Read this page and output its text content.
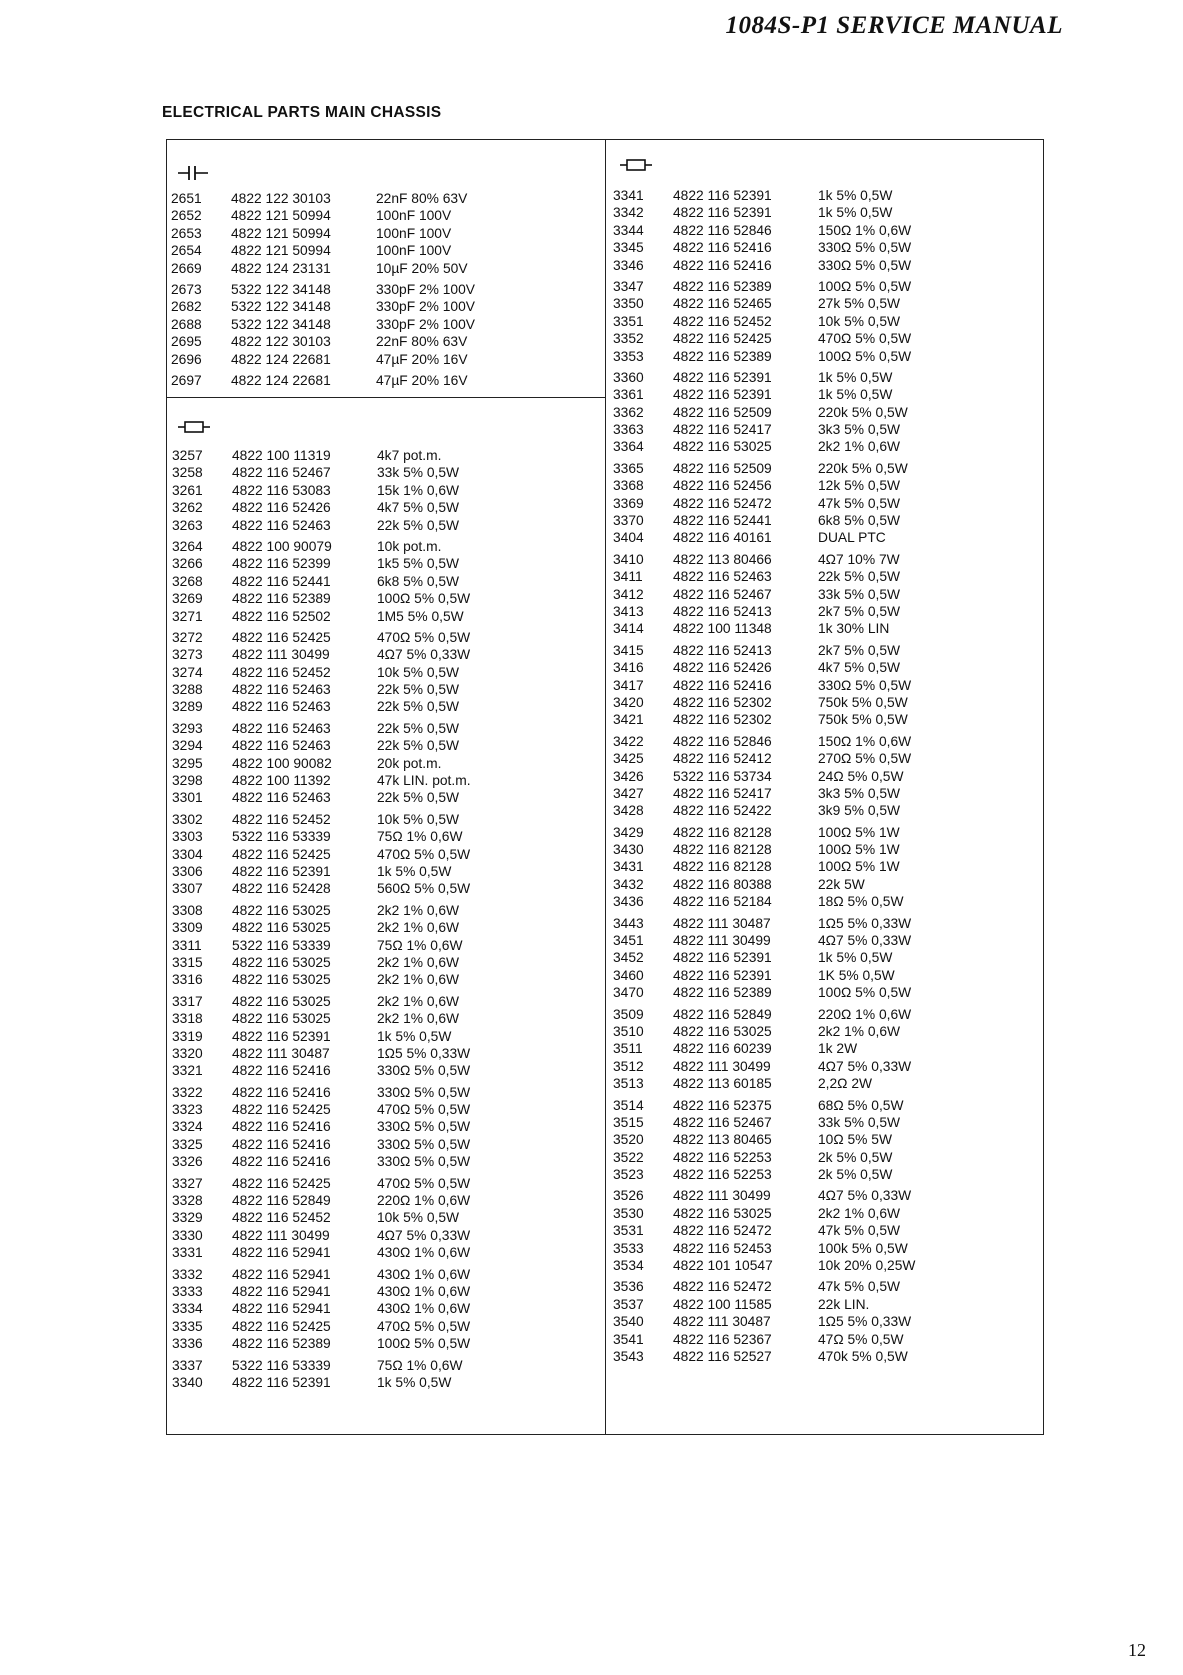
1084S-P1 SERVICE MANUAL
ELECTRICAL PARTS MAIN CHASSIS
2651	4822 122 30103	22nF 80% 63V
2652	4822 121 50994	100nF 100V
2653	4822 121 50994	100nF 100V
2654	4822 121 50994	100nF 100V
2669	4822 124 23131	10µF 20% 50V
2673	5322 122 34148	330pF 2% 100V
2682	5322 122 34148	330pF 2% 100V
2688	5322 122 34148	330pF 2% 100V
2695	4822 122 30103	22nF 80% 63V
2696	4822 124 22681	47µF 20% 16V
2697	4822 124 22681	47µF 20% 16V
3257	4822 100 11319	4k7 pot.m.
3258	4822 116 52467	33k 5% 0,5W
3261	4822 116 53083	15k 1% 0,6W
3262	4822 116 52426	4k7 5% 0,5W
3263	4822 116 52463	22k 5% 0,5W
3264	4822 100 90079	10k pot.m.
3266	4822 116 52399	1k5 5% 0,5W
3268	4822 116 52441	6k8 5% 0,5W
3269	4822 116 52389	100Ω 5% 0,5W
3271	4822 116 52502	1M5 5% 0,5W
3272	4822 116 52425	470Ω 5% 0,5W
3273	4822 111 30499	4Ω7 5% 0,33W
3274	4822 116 52452	10k 5% 0,5W
3288	4822 116 52463	22k 5% 0,5W
3289	4822 116 52463	22k 5% 0,5W
3293	4822 116 52463	22k 5% 0,5W
3294	4822 116 52463	22k 5% 0,5W
3295	4822 100 90082	20k pot.m.
3298	4822 100 11392	47k LIN. pot.m.
3301	4822 116 52463	22k 5% 0,5W
3302	4822 116 52452	10k 5% 0,5W
3303	5322 116 53339	75Ω 1% 0,6W
3304	4822 116 52425	470Ω 5% 0,5W
3306	4822 116 52391	1k 5% 0,5W
3307	4822 116 52428	560Ω 5% 0,5W
3308	4822 116 53025	2k2 1% 0,6W
3309	4822 116 53025	2k2 1% 0,6W
3311	5322 116 53339	75Ω 1% 0,6W
3315	4822 116 53025	2k2 1% 0,6W
3316	4822 116 53025	2k2 1% 0,6W
3317	4822 116 53025	2k2 1% 0,6W
3318	4822 116 53025	2k2 1% 0,6W
3319	4822 116 52391	1k 5% 0,5W
3320	4822 111 30487	1Ω5 5% 0,33W
3321	4822 116 52416	330Ω 5% 0,5W
3322	4822 116 52416	330Ω 5% 0,5W
3323	4822 116 52425	470Ω 5% 0,5W
3324	4822 116 52416	330Ω 5% 0,5W
3325	4822 116 52416	330Ω 5% 0,5W
3326	4822 116 52416	330Ω 5% 0,5W
3327	4822 116 52425	470Ω 5% 0,5W
3328	4822 116 52849	220Ω 1% 0,6W
3329	4822 116 52452	10k 5% 0,5W
3330	4822 111 30499	4Ω7 5% 0,33W
3331	4822 116 52941	430Ω 1% 0,6W
3332	4822 116 52941	430Ω 1% 0,6W
3333	4822 116 52941	430Ω 1% 0,6W
3334	4822 116 52941	430Ω 1% 0,6W
3335	4822 116 52425	470Ω 5% 0,5W
3336	4822 116 52389	100Ω 5% 0,5W
3337	5322 116 53339	75Ω 1% 0,6W
3340	4822 116 52391	1k 5% 0,5W
3341	4822 116 52391	1k 5% 0,5W
3342	4822 116 52391	1k 5% 0,5W
3344	4822 116 52846	150Ω 1% 0,6W
3345	4822 116 52416	330Ω 5% 0,5W
3346	4822 116 52416	330Ω 5% 0,5W
3347	4822 116 52389	100Ω 5% 0,5W
3350	4822 116 52465	27k 5% 0,5W
3351	4822 116 52452	10k 5% 0,5W
3352	4822 116 52425	470Ω 5% 0,5W
3353	4822 116 52389	100Ω 5% 0,5W
3360	4822 116 52391	1k 5% 0,5W
3361	4822 116 52391	1k 5% 0,5W
3362	4822 116 52509	220k 5% 0,5W
3363	4822 116 52417	3k3 5% 0,5W
3364	4822 116 53025	2k2 1% 0,6W
3365	4822 116 52509	220k 5% 0,5W
3368	4822 116 52456	12k 5% 0,5W
3369	4822 116 52472	47k 5% 0,5W
3370	4822 116 52441	6k8 5% 0,5W
3404	4822 116 40161	DUAL PTC
3410	4822 113 80466	4Ω7 10% 7W
3411	4822 116 52463	22k 5% 0,5W
3412	4822 116 52467	33k 5% 0,5W
3413	4822 116 52413	2k7 5% 0,5W
3414	4822 100 11348	1k 30% LIN
3415	4822 116 52413	2k7 5% 0,5W
3416	4822 116 52426	4k7 5% 0,5W
3417	4822 116 52416	330Ω 5% 0,5W
3420	4822 116 52302	750k 5% 0,5W
3421	4822 116 52302	750k 5% 0,5W
3422	4822 116 52846	150Ω 1% 0,6W
3425	4822 116 52412	270Ω 5% 0,5W
3426	5322 116 53734	24Ω 5% 0,5W
3427	4822 116 52417	3k3 5% 0,5W
3428	4822 116 52422	3k9 5% 0,5W
3429	4822 116 82128	100Ω 5% 1W
3430	4822 116 82128	100Ω 5% 1W
3431	4822 116 82128	100Ω 5% 1W
3432	4822 116 80388	22k 5W
3436	4822 116 52184	18Ω 5% 0,5W
3443	4822 111 30487	1Ω5 5% 0,33W
3451	4822 111 30499	4Ω7 5% 0,33W
3452	4822 116 52391	1k 5% 0,5W
3460	4822 116 52391	1K 5% 0,5W
3470	4822 116 52389	100Ω 5% 0,5W
3509	4822 116 52849	220Ω 1% 0,6W
3510	4822 116 53025	2k2 1% 0,6W
3511	4822 116 60239	1k 2W
3512	4822 111 30499	4Ω7 5% 0,33W
3513	4822 113 60185	2,2Ω 2W
3514	4822 116 52375	68Ω 5% 0,5W
3515	4822 116 52467	33k 5% 0,5W
3520	4822 113 80465	10Ω 5% 5W
3522	4822 116 52253	2k 5% 0,5W
3523	4822 116 52253	2k 5% 0,5W
3526	4822 111 30499	4Ω7 5% 0,33W
3530	4822 116 53025	2k2 1% 0,6W
3531	4822 116 52472	47k 5% 0,5W
3533	4822 116 52453	100k 5% 0,5W
3534	4822 101 10547	10k 20% 0,25W
3536	4822 116 52472	47k 5% 0,5W
3537	4822 100 11585	22k LIN.
3540	4822 111 30487	1Ω5 5% 0,33W
3541	4822 116 52367	47Ω 5% 0,5W
3543	4822 116 52527	470k 5% 0,5W
12
